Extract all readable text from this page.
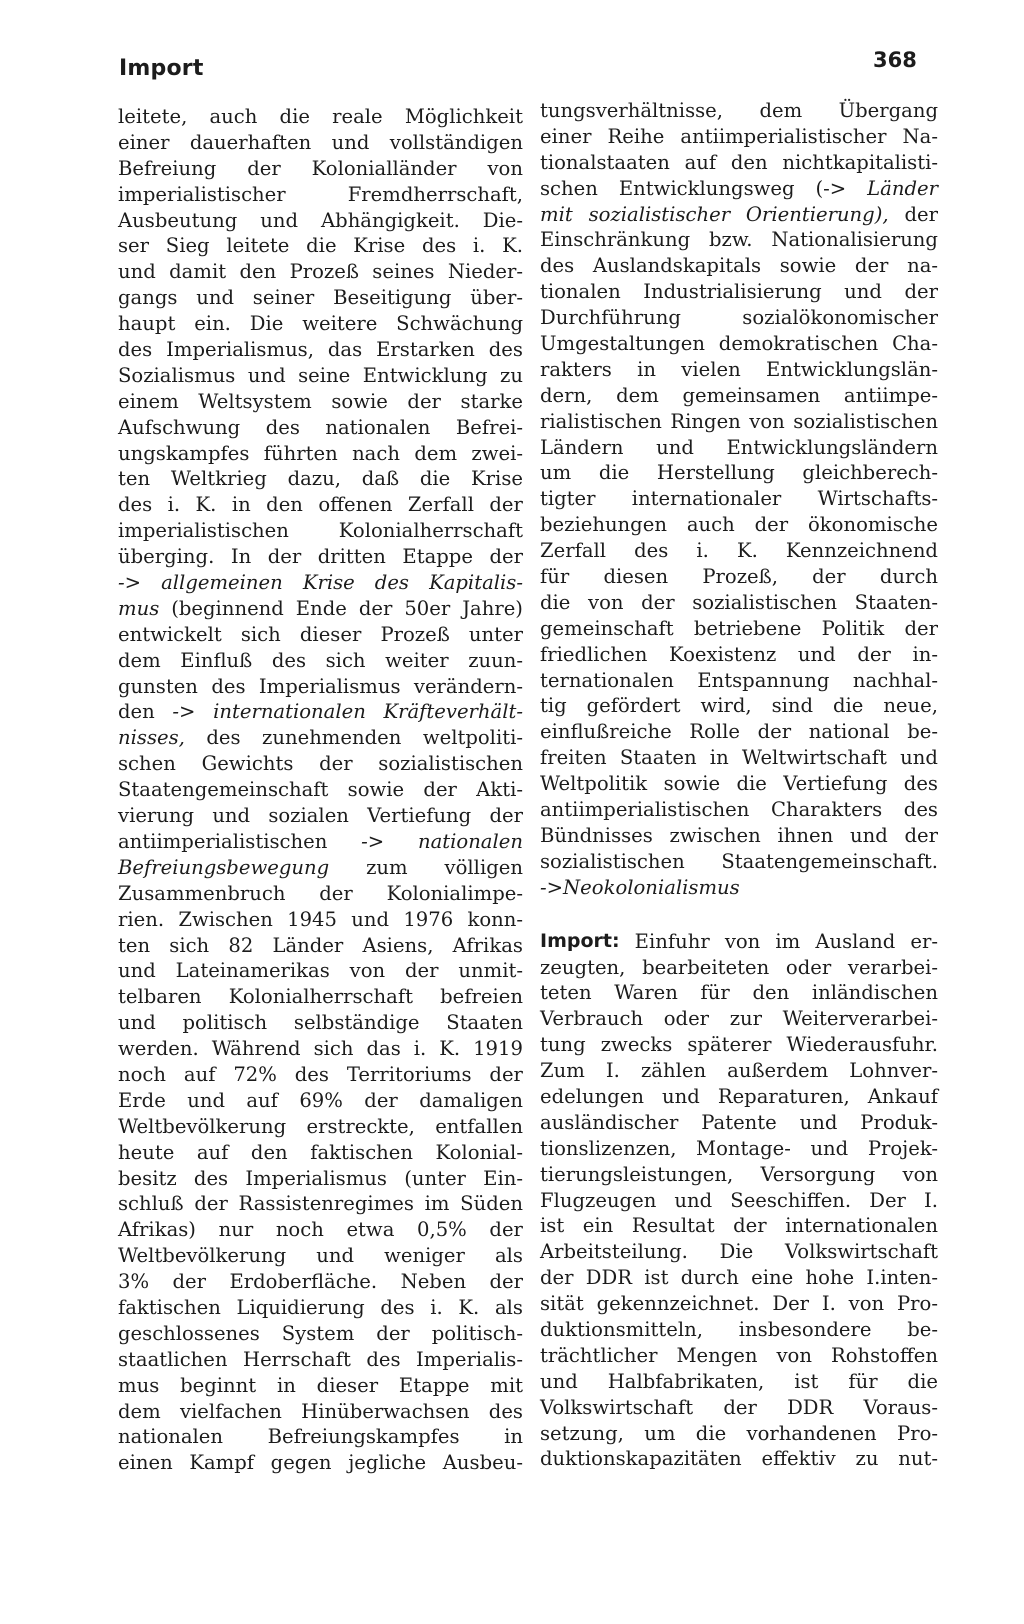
Import	368
leitete, auch die reale Möglichkeit
einer dauerhaften und vollständigen
Befreiung der Kolonialländer von
imperialistischer	Fremdherrschaft,
Ausbeutung und Abhängigkeit. Die-
ser Sieg leitete die Krise des i. K.
und damit den Prozeß seines Nieder-
gangs und seiner Beseitigung über-
haupt ein. Die weitere Schwächung
des Imperialismus, das Erstarken des
Sozialismus und seine Entwicklung zu
einem Weltsystem sowie der starke
Aufschwung des nationalen Befrei-
ungskampfes führten nach dem zwei-
ten Weltkrieg dazu, daß die Krise
des i. K. in den offenen Zerfall der
imperialistischen	Kolonialherrschaft
überging. In der dritten Etappe der
-> allgemeinen Krise des Kapitalis-
mus (beginnend Ende der 50er Jahre)
entwickelt sich dieser Prozeß unter
dem Einfluß des sich weiter zuun-
gunsten des Imperialismus verändern-
den -> internationalen Kräfteverhält-
nisses, des zunehmenden weltpoliti-
schen Gewichts der sozialistischen
Staatengemeinschaft sowie der Akti-
vierung und sozialen Vertiefung der
antiimperialistischen -> nationalen
Befreiungsbewegung zum völligen
Zusammenbruch der Kolonialimpe-
rien. Zwischen 1945 und 1976 konn-
ten sich 82 Länder Asiens, Afrikas
und Lateinamerikas von der unmit-
telbaren Kolonialherrschaft befreien
und politisch selbständige Staaten
werden. Während sich das i. K. 1919
noch auf 72% des Territoriums der
Erde und auf 69% der damaligen
Weltbevölkerung erstreckte, entfallen
heute auf den faktischen Kolonial-
besitz des Imperialismus (unter Ein-
schluß der Rassistenregimes im Süden
Afrikas) nur noch etwa 0,5% der
Weltbevölkerung und weniger als
3% der Erdoberfläche. Neben der
faktischen Liquidierung des i. K. als
geschlossenes System der politisch-
staatlichen Herrschaft des Imperialis-
mus beginnt in dieser Etappe mit
dem vielfachen Hinüberwachsen des
nationalen Befreiungskampfes in
einen Kampf gegen jegliche Ausbeu-
tungsverhältnisse, dem Übergang
einer Reihe antiimperialistischer Na-
tionalstaaten auf den nichtkapitalisti-
schen Entwicklungsweg (-> Länder
mit sozialistischer Orientierung), der
Einschränkung bzw. Nationalisierung
des Auslandskapitals sowie der na-
tionalen Industrialisierung und der
Durchführung	sozialökonomischer
Umgestaltungen demokratischen Cha-
rakters in vielen Entwicklungslän-
dern, dem gemeinsamen antiimpe-
rialistischen Ringen von sozialistischen
Ländern und Entwicklungsländern
um die Herstellung gleichberech-
tigter internationaler Wirtschafts-
beziehungen auch der ökonomische
Zerfall des i. K. Kennzeichnend
für diesen Prozeß, der durch
die von der sozialistischen Staaten-
gemeinschaft betriebene Politik der
friedlichen Koexistenz und der in-
ternationalen Entspannung nachhal-
tig gefördert wird, sind die neue,
einflußreiche Rolle der national be-
freiten Staaten in Weltwirtschaft und
Weltpolitik sowie die Vertiefung des
antiimperialistischen Charakters des
Bündnisses zwischen ihnen und der
sozialistischen Staatengemeinschaft.
->Neokolonialismus
Import: Einfuhr von im Ausland er-
zeugten, bearbeiteten oder verarbei-
teten Waren für den inländischen
Verbrauch oder zur Weiterverarbei-
tung zwecks späterer Wiederausfuhr.
Zum I. zählen außerdem Lohnver-
edelungen und Reparaturen, Ankauf
ausländischer Patente und Produk-
tionslizenzen, Montage- und Projek-
tierungsleistungen, Versorgung von
Flugzeugen und Seeschiffen. Der I.
ist ein Resultat der internationalen
Arbeitsteilung. Die Volkswirtschaft
der DDR ist durch eine hohe I.inten-
sität gekennzeichnet. Der I. von Pro-
duktionsmitteln, insbesondere be-
trächtlicher Mengen von Rohstoffen
und Halbfabrikaten, ist für die
Volkswirtschaft der DDR Voraus-
setzung, um die vorhandenen Pro-
duktionskapazitäten effektiv zu nut-
